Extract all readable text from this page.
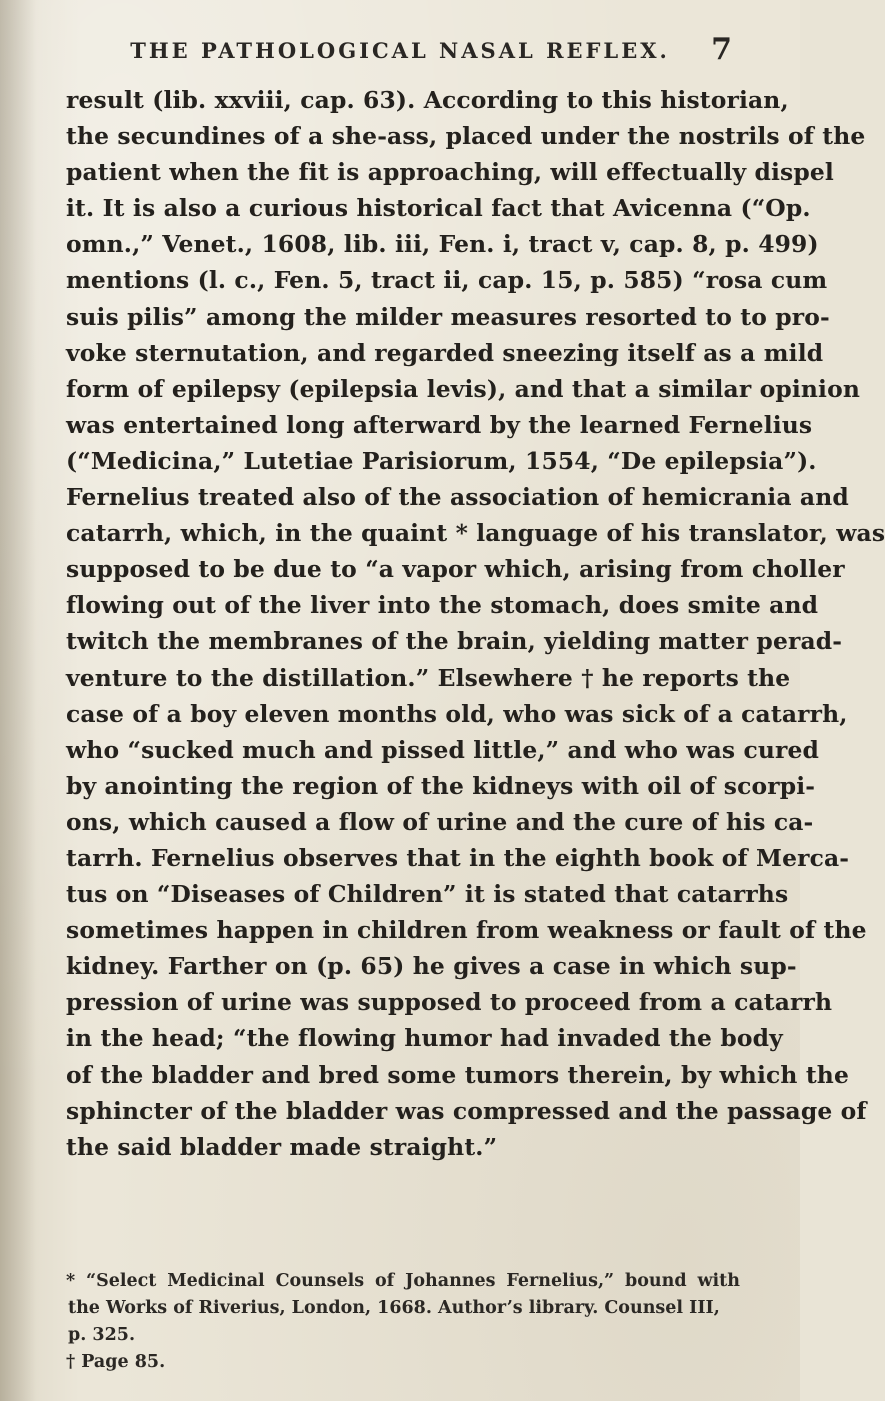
THE PATHOLOGICAL NASAL REFLEX.	7
result (lib. xxviii, cap. 63). According to this historian,
the secundines of a she-ass, placed under the nostrils of the
patient when the fit is approaching, will effectually dispel
it. It is also a curious historical fact that Avicenna (“Op.
omn.,” Venet., 1608, lib. iii, Fen. i, tract v, cap. 8, p. 499)
mentions (l. c., Fen. 5, tract ii, cap. 15, p. 585) “rosa cum
suis pilis” among the milder measures resorted to to pro-
voke sternutation, and regarded sneezing itself as a mild
form of epilepsy (epilepsia levis), and that a similar opinion
was entertained long afterward by the learned Fernelius
(“Medicina,” Lutetiae Parisiorum, 1554, “De epilepsia”).
Fernelius treated also of the association of hemicrania and
catarrh, which, in the quaint * language of his translator, was
supposed to be due to “a vapor which, arising from choller
flowing out of the liver into the stomach, does smite and
twitch the membranes of the brain, yielding matter perad-
venture to the distillation.” Elsewhere † he reports the
case of a boy eleven months old, who was sick of a catarrh,
who “sucked much and pissed little,” and who was cured
by anointing the region of the kidneys with oil of scorpi-
ons, which caused a flow of urine and the cure of his ca-
tarrh. Fernelius observes that in the eighth book of Merca-
tus on “Diseases of Children” it is stated that catarrhs
sometimes happen in children from weakness or fault of the
kidney. Farther on (p. 65) he gives a case in which sup-
pression of urine was supposed to proceed from a catarrh
in the head; “the flowing humor had invaded the body
of the bladder and bred some tumors therein, by which the
sphincter of the bladder was compressed and the passage of
the said bladder made straight.”
* “Select Medicinal Counsels of Johannes Fernelius,” bound with
the Works of Riverius, London, 1668. Author’s library. Counsel III,
p. 325.
† Page 85.
